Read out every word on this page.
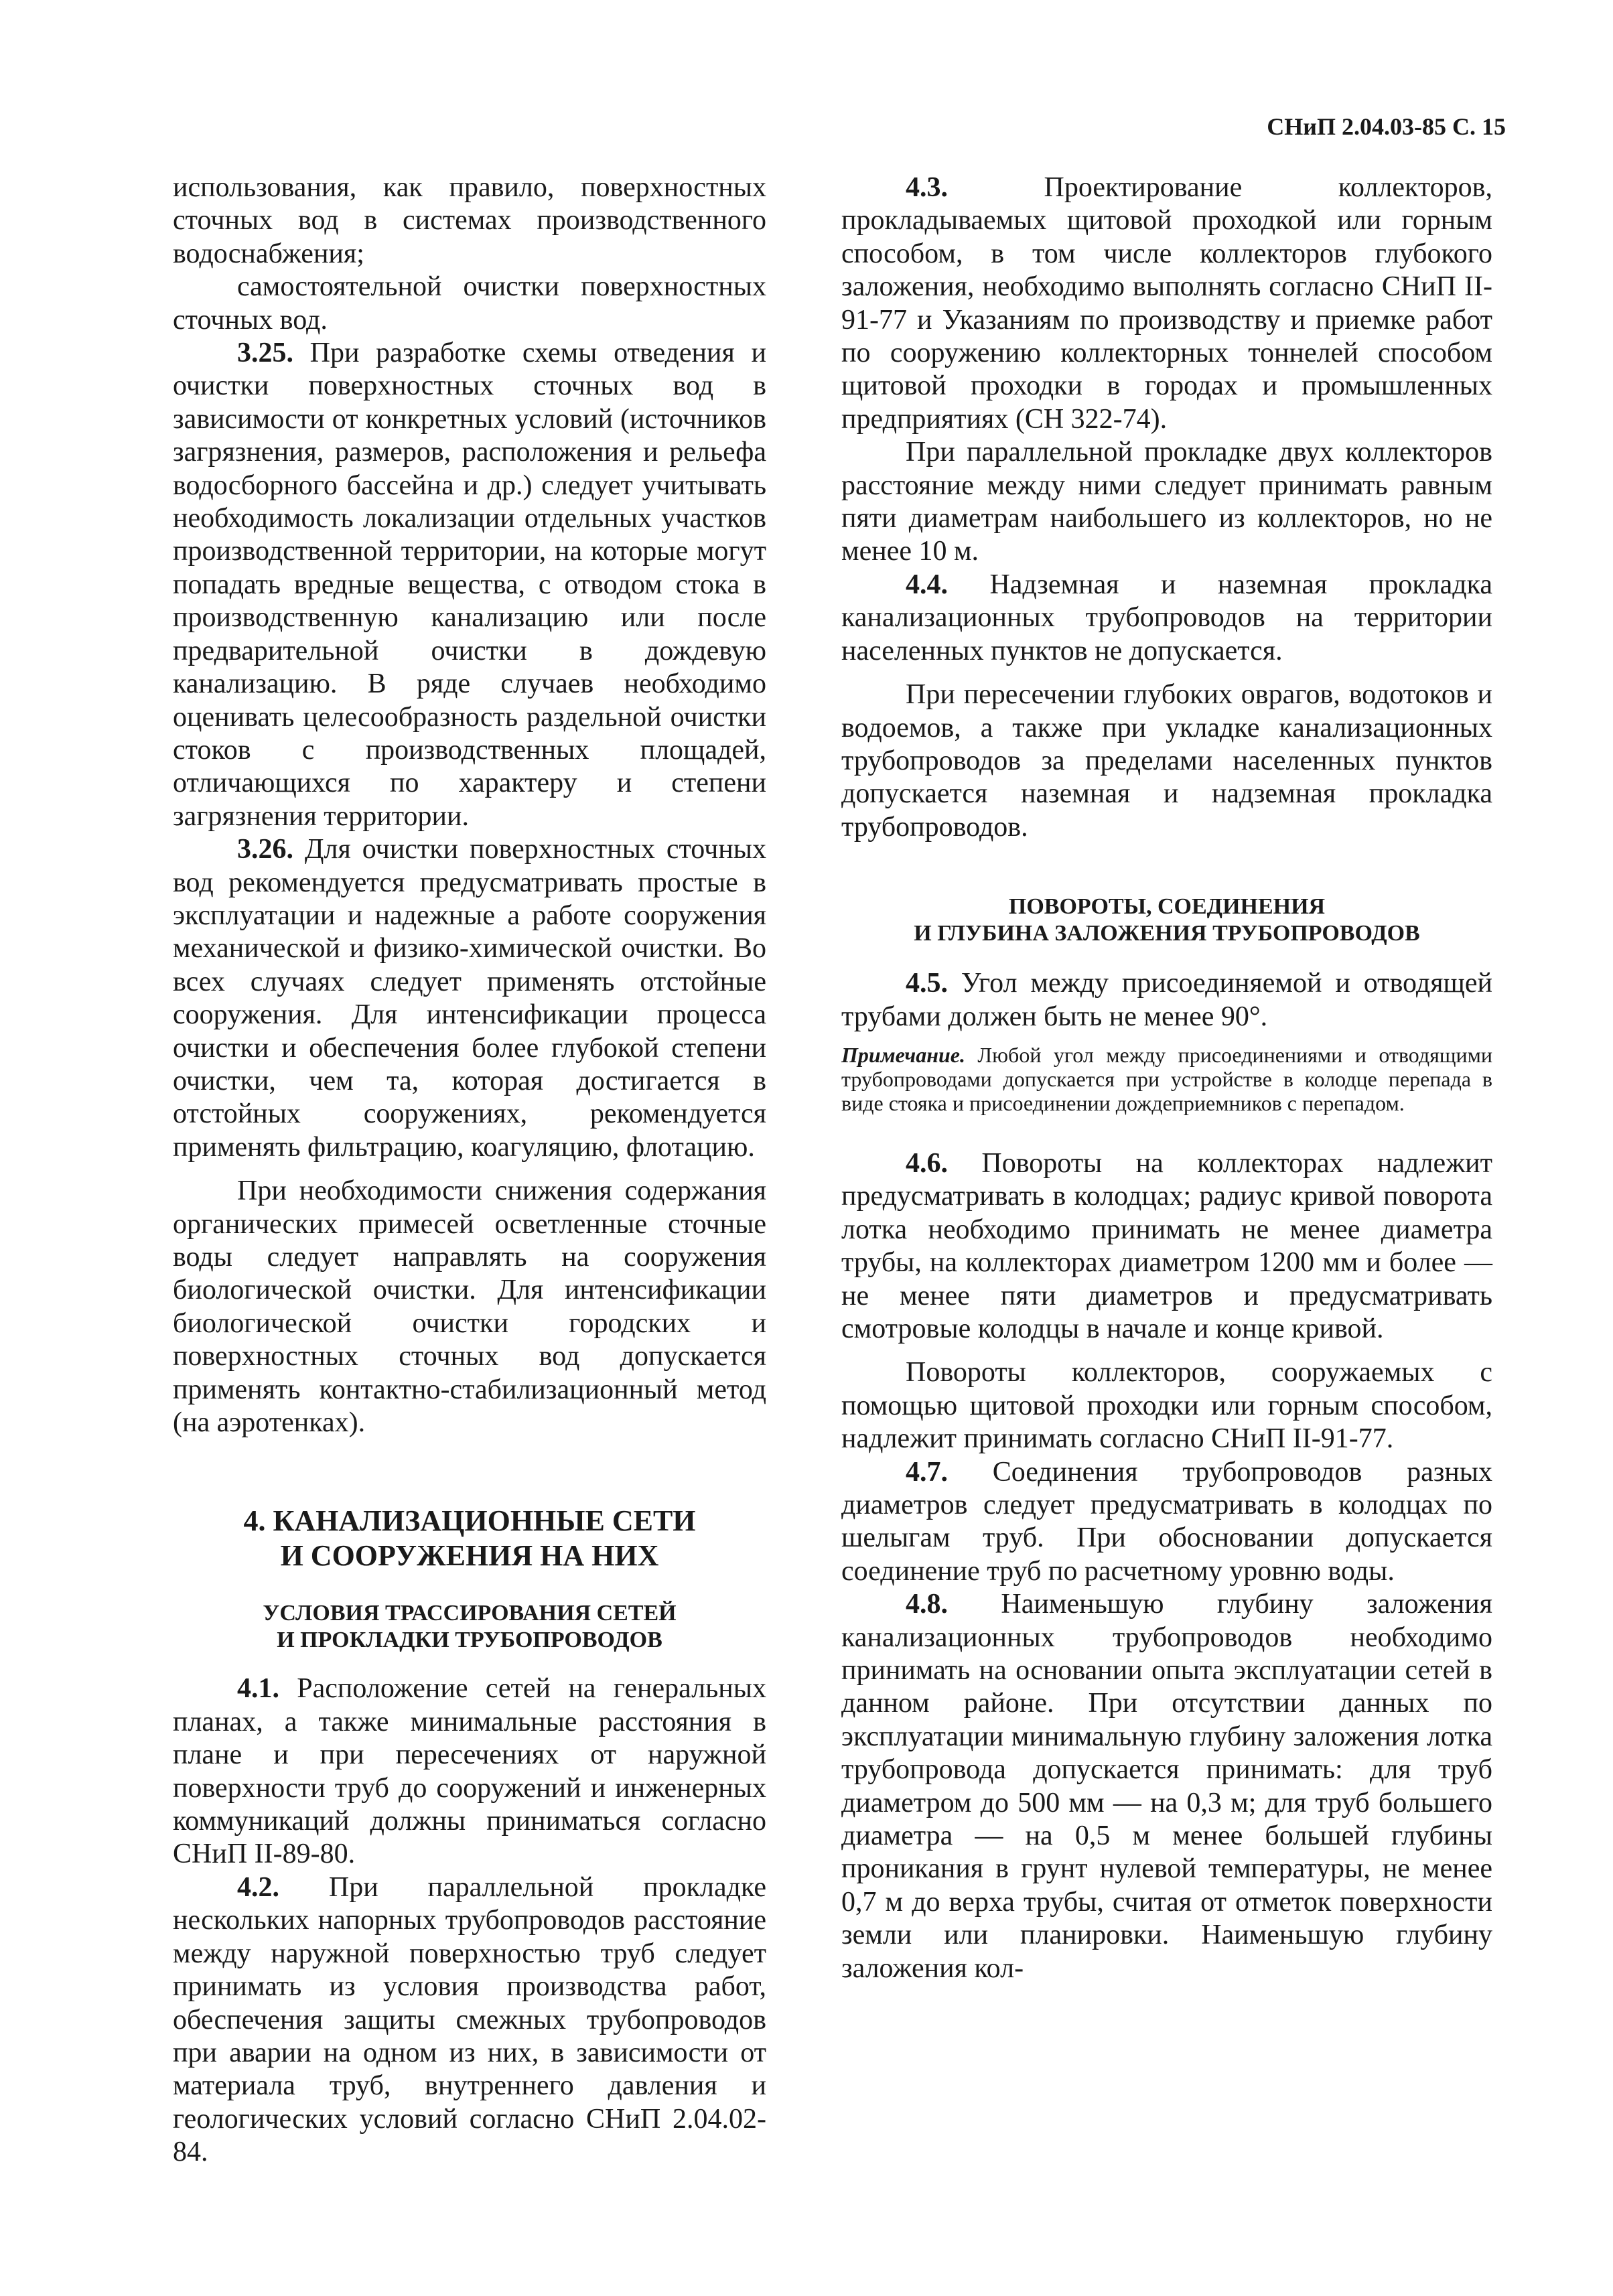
СНиП 2.04.03-85 С. 15

использования, как правило, поверхностных сточных вод в системах производственного водоснабжения;

самостоятельной очистки поверхностных сточных вод.

3.25. При разработке схемы отведения и очистки поверхностных сточных вод в зависимости от конкретных условий (источников загрязнения, размеров, расположения и рельефа водосборного бассейна и др.) следует учитывать необходимость локализации отдельных участков производственной территории, на которые могут попадать вредные вещества, с отводом стока в производственную канализацию или после предварительной очистки в дождевую канализацию. В ряде случаев необходимо оценивать целесообразность раздельной очистки стоков с производственных площадей, отличающихся по характеру и степени загрязнения территории.

3.26. Для очистки поверхностных сточных вод рекомендуется предусматривать простые в эксплуатации и надежные а работе сооружения механической и физико-химической очистки. Во всех случаях следует применять отстойные сооружения. Для интенсификации процесса очистки и обеспечения более глубокой степени очистки, чем та, которая достигается в отстойных сооружениях, рекомендуется применять фильтрацию, коагуляцию, флотацию.

При необходимости снижения содержания органических примесей осветленные сточные воды следует направлять на сооружения биологической очистки. Для интенсификации биологической очистки городских и поверхностных сточных вод допускается применять контактно-стабилизационный метод (на аэротенках).

4. КАНАЛИЗАЦИОННЫЕ СЕТИ
И СООРУЖЕНИЯ НА НИХ
УСЛОВИЯ ТРАССИРОВАНИЯ СЕТЕЙ
И ПРОКЛАДКИ ТРУБОПРОВОДОВ

4.1. Расположение сетей на генеральных планах, а также минимальные расстояния в плане и при пересечениях от наружной поверхности труб до сооружений и инженерных коммуникаций должны приниматься согласно СНиП II-89-80.

4.2. При параллельной прокладке нескольких напорных трубопроводов расстояние между наружной поверхностью труб следует принимать из условия производства работ, обеспечения защиты смежных трубопроводов при аварии на одном из них, в зависимости от материала труб, внутреннего давления и геологических условий согласно СНиП 2.04.02-84.

4.3. Проектирование коллекторов, прокладываемых щитовой проходкой или горным способом, в том числе коллекторов глубокого заложения, необходимо выполнять согласно СНиП II-91-77 и Указаниям по производству и приемке работ по сооружению коллекторных тоннелей способом щитовой проходки в городах и промышленных предприятиях (СН 322-74).

При параллельной прокладке двух коллекторов расстояние между ними следует принимать равным пяти диаметрам наибольшего из коллекторов, но не менее 10 м.

4.4. Надземная и наземная прокладка канализационных трубопроводов на территории населенных пунктов не допускается.

При пересечении глубоких оврагов, водотоков и водоемов, а также при укладке канализационных трубопроводов за пределами населенных пунктов допускается наземная и надземная прокладка трубопроводов.

ПОВОРОТЫ, СОЕДИНЕНИЯ
И ГЛУБИНА ЗАЛОЖЕНИЯ ТРУБОПРОВОДОВ

4.5. Угол между присоединяемой и отводящей трубами должен быть не менее 90°.

Примечание. Любой угол между присоединениями и отводящими трубопроводами допускается при устройстве в колодце перепада в виде стояка и присоединении дождеприемников с перепадом.

4.6. Повороты на коллекторах надлежит предусматривать в колодцах; радиус кривой поворота лотка необходимо принимать не менее диаметра трубы, на коллекторах диаметром 1200 мм и более — не менее пяти диаметров и предусматривать смотровые колодцы в начале и конце кривой.

Повороты коллекторов, сооружаемых с помощью щитовой проходки или горным способом, надлежит принимать согласно СНиП II-91-77.

4.7. Соединения трубопроводов разных диаметров следует предусматривать в колодцах по шелыгам труб. При обосновании допускается соединение труб по расчетному уровню воды.

4.8. Наименьшую глубину заложения канализационных трубопроводов необходимо принимать на основании опыта эксплуатации сетей в данном районе. При отсутствии данных по эксплуатации минимальную глубину заложения лотка трубопровода допускается принимать: для труб диаметром до 500 мм — на 0,3 м; для труб большего диаметра — на 0,5 м менее большей глубины проникания в грунт нулевой температуры, не менее 0,7 м до верха трубы, считая от отметок поверхности земли или планировки. Наименьшую глубину заложения кол-
